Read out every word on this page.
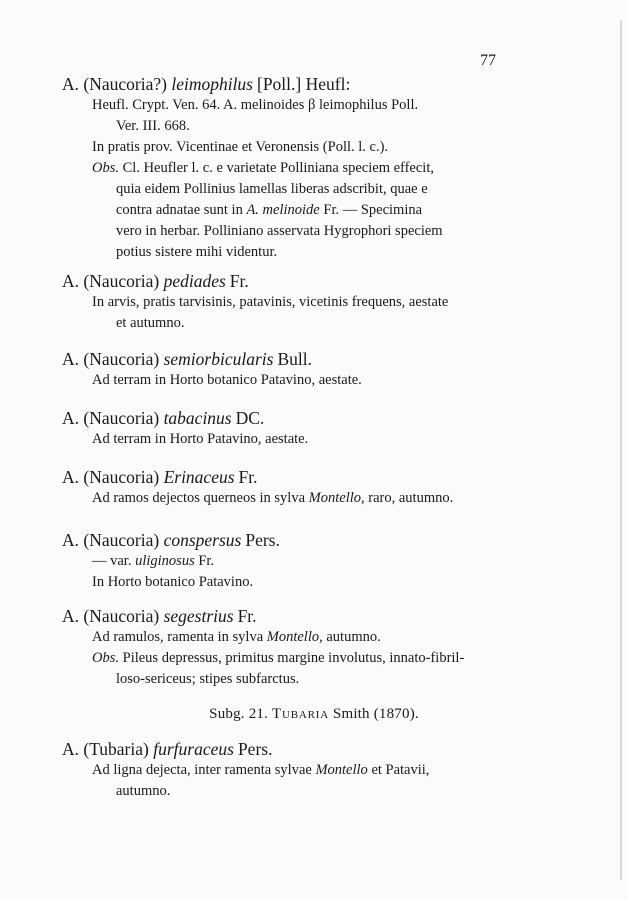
77
A. (Naucoria?) leimophilus [Poll.] Heufl:
Heufl. Crypt. Ven. 64. A. melinoides β leimophilus Poll.
Ver. III. 668.
In pratis prov. Vicentinae et Veronensis (Poll. l. c.).
Obs. Cl. Heufler l. c. e varietate Polliniana speciem effecit,
quia eidem Pollinius lamellas liberas adscribit, quae e
contra adnatae sunt in A. melinoide Fr. — Specimina
vero in herbar. Polliniano asservata Hygrophori speciem
potius sistere mihi videntur.
A. (Naucoria) pediades Fr.
In arvis, pratis tarvisinis, patavinis, vicetinis frequens, aestate
et autumno.
A. (Naucoria) semiorbicularis Bull.
Ad terram in Horto botanico Patavino, aestate.
A. (Naucoria) tabacinus DC.
Ad terram in Horto Patavino, aestate.
A. (Naucoria) Erinaceus Fr.
Ad ramos dejectos querneos in sylva Montello, raro, autumno.
A. (Naucoria) conspersus Pers.
— var. uliginosus Fr.
In Horto botanico Patavino.
A. (Naucoria) segestrius Fr.
Ad ramulos, ramenta in sylva Montello, autumno.
Obs. Pileus depressus, primitus margine involutus, innato-fibril-
loso-sericeus; stipes subfarctus.
Subg. 21. Tubaria Smith (1870).
A. (Tubaria) furfuraceus Pers.
Ad ligna dejecta, inter ramenta sylvae Montello et Patavii,
autumno.
